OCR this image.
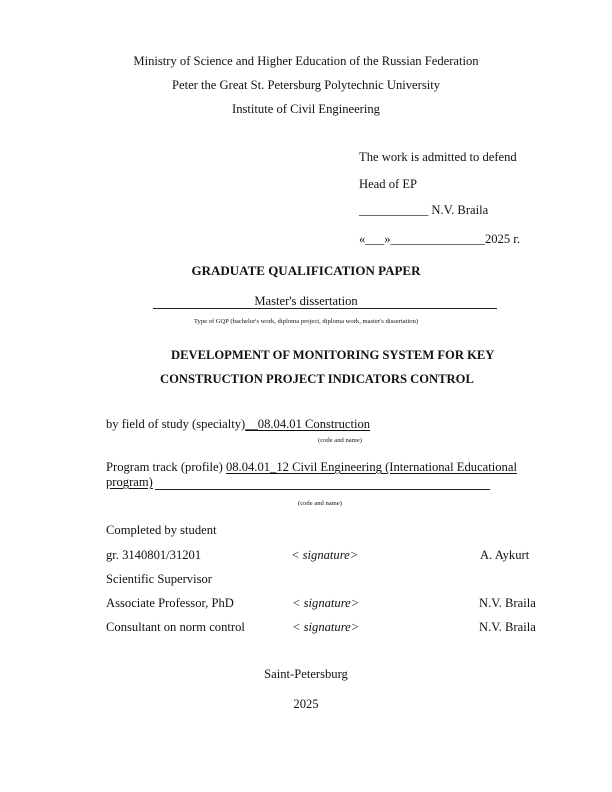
Ministry of Science and Higher Education of the Russian Federation
Peter the Great St. Petersburg Polytechnic University
Institute of Civil Engineering
The work is admitted to defend
Head of EP
___________ N.V. Braila
«___»_______________2025 г.
GRADUATE QUALIFICATION PAPER
Master's dissertation
Type of GQP (bachelor's work, diploma project, diploma work, master's dissertation)
DEVELOPMENT OF MONITORING SYSTEM FOR KEY
CONSTRUCTION PROJECT INDICATORS CONTROL
by field of study (specialty)__08.04.01 Construction
(code and name)
Program track (profile) 08.04.01_12 Civil Engineering (International Educational
program)
(code and name)
Completed by student
gr. 3140801/31201	< signature>	A. Aykurt
Scientific Supervisor
Associate Professor, PhD	< signature>	N.V. Braila
Consultant on norm control	< signature>	N.V. Braila
Saint-Petersburg
2025
